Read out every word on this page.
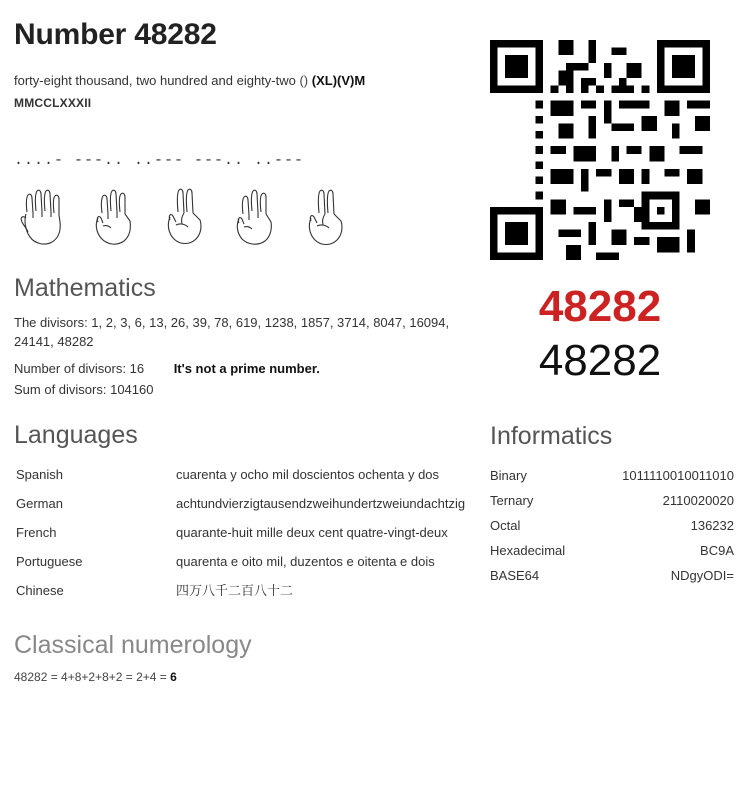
Number 48282
forty-eight thousand, two hundred and eighty-two () (XL)(V)M
MMCCLXXXII
....- ---.. ..--- ---.. ..---
Mathematics
The divisors: 1, 2, 3, 6, 13, 26, 39, 78, 619, 1238, 1857, 3714, 8047, 16094, 24141, 48282
Number of divisors: 16 It's not a prime number.
Sum of divisors: 104160
Languages
Spanish	cuarenta y ocho mil doscientos ochenta y dos
German	achtundvierzigtausendzweihundertzweiundachtzig
French	quarante-huit mille deux cent quatre-vingt-deux
Portuguese	quarenta e oito mil, duzentos e oitenta e dois
Chinese	四万八千二百八十二
Classical numerology
48282 = 4+8+2+8+2 = 2+4 = 6
48282
48282
Informatics
Binary	1011110010011010
Ternary	2110020020
Octal	136232
Hexadecimal	BC9A
BASE64	NDgyODI=
